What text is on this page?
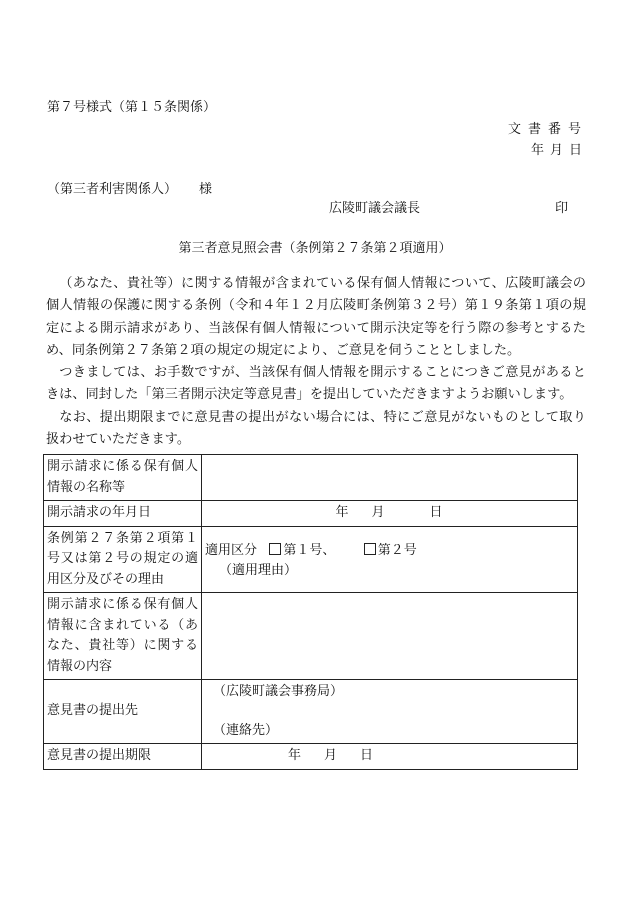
第７号様式（第１５条関係）
文書番号
年月日
（第三者利害関係人） 様
広陵町議会議長	印
第三者意見照会書（条例第２７条第２項適用）

（あなた、貴社等）に関する情報が含まれている保有個人情報について、広陵町議会の個人情報の保護に関する条例（令和４年１２月広陵町条例第３２号）第１９条第１項の規定による開示請求があり、当該保有個人情報について開示決定等を行う際の参考とするため、同条例第２７条第２項の規定の規定により、ご意見を伺うこととしました。

つきましては、お手数ですが、当該保有個人情報を開示することにつきご意見があるときは、同封した「第三者開示決定等意見書」を提出していただきますようお願いします。

なお、提出期限までに意見書の提出がない場合には、特にご意見がないものとして取り扱わせていただきます。

開示請求に係る保有個人情報の名称等	
開示請求の年月日	年 月 日
条例第２７条第２項第１号又は第２号の規定の適用区分及びその理由	適用区分 第１号、 第２号
（適用理由）

開示請求に係る保有個人情報に含まれている（あなた、貴社等）に関する情報の内容	
意見書の提出先	（広陵町議会事務局）
（連絡先）

意見書の提出期限	年 月 日
